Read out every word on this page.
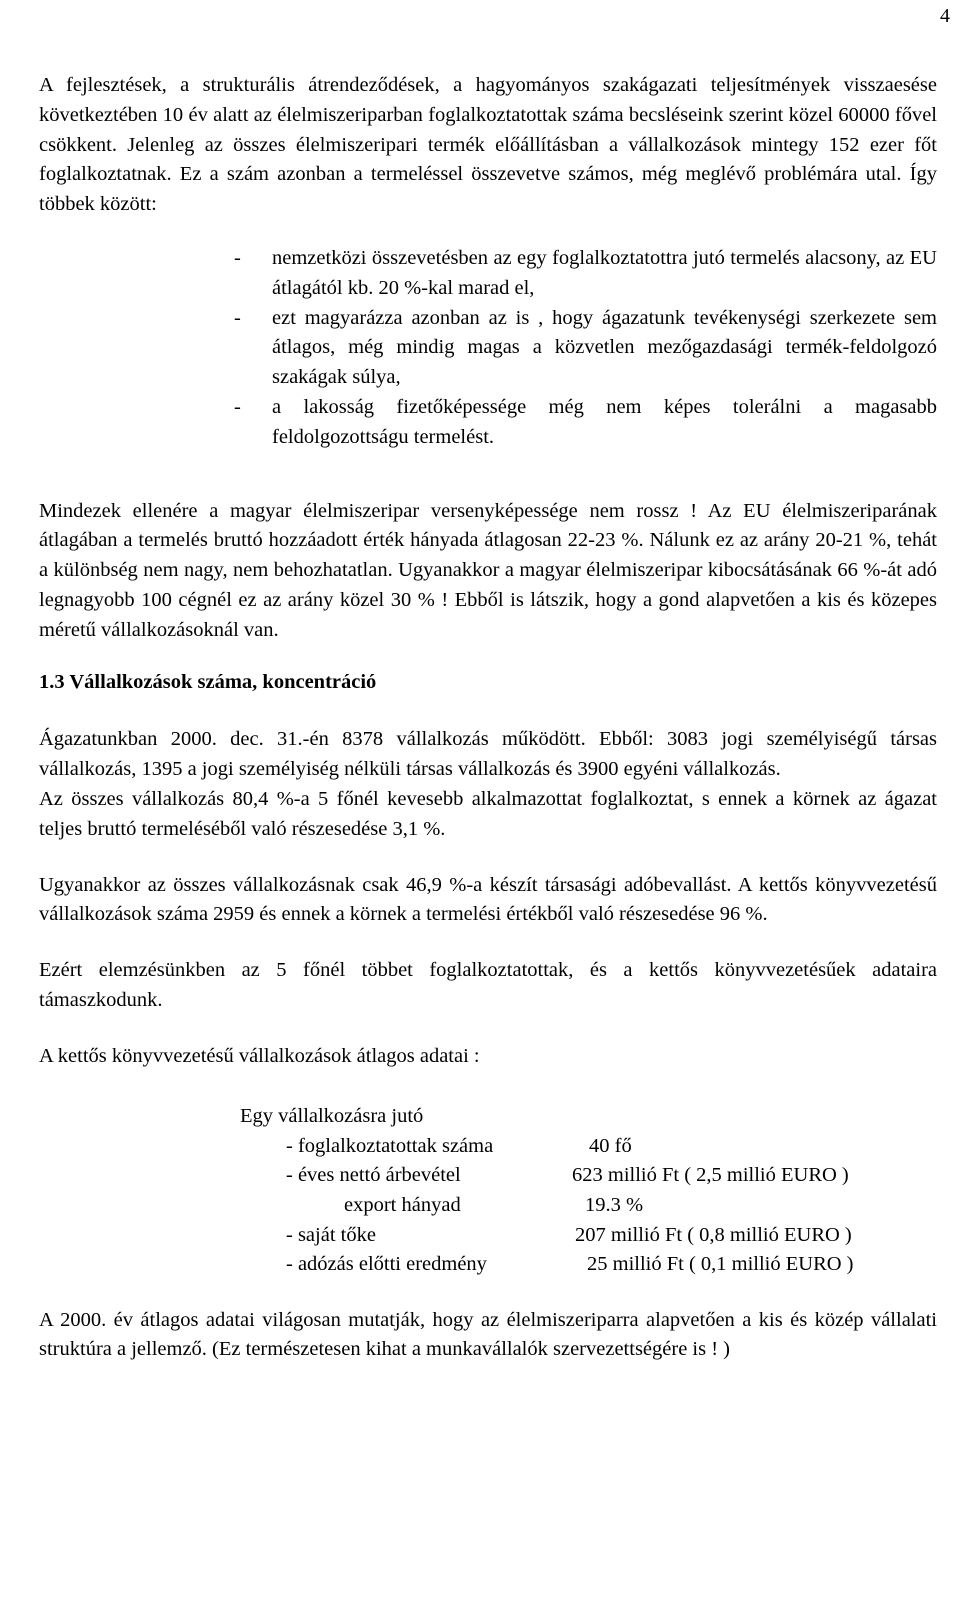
4

A fejlesztések, a strukturális átrendeződések, a hagyományos szakágazati teljesítmények visszaesése következtében 10 év alatt az élelmiszeriparban foglalkoztatottak száma becsléseink szerint közel 60000 fővel csökkent. Jelenleg az összes élelmiszeripari termék előállításban a vállalkozások mintegy 152 ezer főt foglalkoztatnak. Ez a szám azonban a termeléssel összevetve számos, még meglévő problémára utal. Így többek között:

- nemzetközi összevetésben az egy foglalkoztatottra jutó termelés alacsony, az EU átlagától kb. 20 %-kal marad el,
- ezt magyarázza azonban az is , hogy ágazatunk tevékenységi szerkezete sem átlagos, még mindig magas a közvetlen mezőgazdasági termék-feldolgozó szakágak súlya,
- a lakosság fizetőképessége még nem képes tolerálni a magasabb feldolgozottságu termelést.

Mindezek ellenére a magyar élelmiszeripar versenyképessége nem rossz ! Az EU élelmiszeriparának átlagában a termelés bruttó hozzáadott érték hányada átlagosan 22-23 %. Nálunk ez az arány 20-21 %, tehát a különbség nem nagy, nem behozhatatlan. Ugyanakkor a magyar élelmiszeripar kibocsátásának 66 %-át adó legnagyobb 100 cégnél ez az arány közel 30 % ! Ebből is látszik, hogy a gond alapvetően a kis és közepes méretű vállalkozásoknál van.

1.3 Vállalkozások száma, koncentráció

Ágazatunkban 2000. dec. 31.-én 8378 vállalkozás működött. Ebből: 3083 jogi személyiségű társas vállalkozás, 1395 a jogi személyiség nélküli társas vállalkozás és 3900 egyéni vállalkozás.

Az összes vállalkozás 80,4 %-a 5 főnél kevesebb alkalmazottat foglalkoztat, s ennek a körnek az ágazat teljes bruttó termeléséből való részesedése 3,1 %.

Ugyanakkor az összes vállalkozásnak csak 46,9 %-a készít társasági adóbevallást. A kettős könyvvezetésű vállalkozások száma 2959 és ennek a körnek a termelési értékből való részesedése 96 %.

Ezért elemzésünkben az 5 főnél többet foglalkoztatottak, és a kettős könyvvezetésűek adataira támaszkodunk.

A kettős könyvvezetésű vállalkozások átlagos adatai :

Egy vállalkozásra jutó
- foglalkoztatottak száma	40 fő
- éves nettó árbevétel	623 millió Ft ( 2,5 millió EURO )
export hányad	19.3 %
- saját tőke	207 millió Ft ( 0,8 millió EURO )
- adózás előtti eredmény	25 millió Ft ( 0,1 millió EURO )

A 2000. év átlagos adatai világosan mutatják, hogy az élelmiszeriparra alapvetően a kis és közép vállalati struktúra a jellemző. (Ez természetesen kihat a munkavállalók szervezettségére is ! )
